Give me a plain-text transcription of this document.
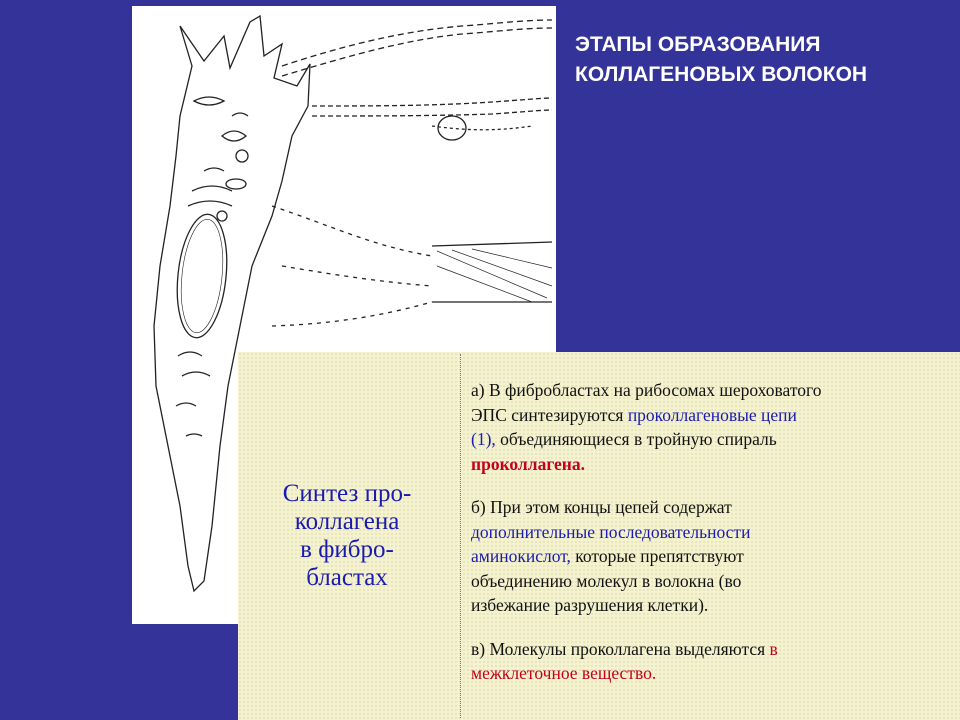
ЭТАПЫ ОБРАЗОВАНИЯ
КОЛЛАГЕНОВЫХ ВОЛОКОН
Синтез про-
коллагена
в фибро-
бластах
а) В фибробластах на рибосомах шероховатого
ЭПС синтезируются проколлагеновые цепи
(1), объединяющиеся в тройную спираль
проколлагена.
б) При этом концы цепей содержат
дополнительные последовательности
аминокислот, которые препятствуют
объединению молекул в волокна (во
избежание разрушения клетки).
в) Молекулы проколлагена выделяются в
межклеточное вещество.
